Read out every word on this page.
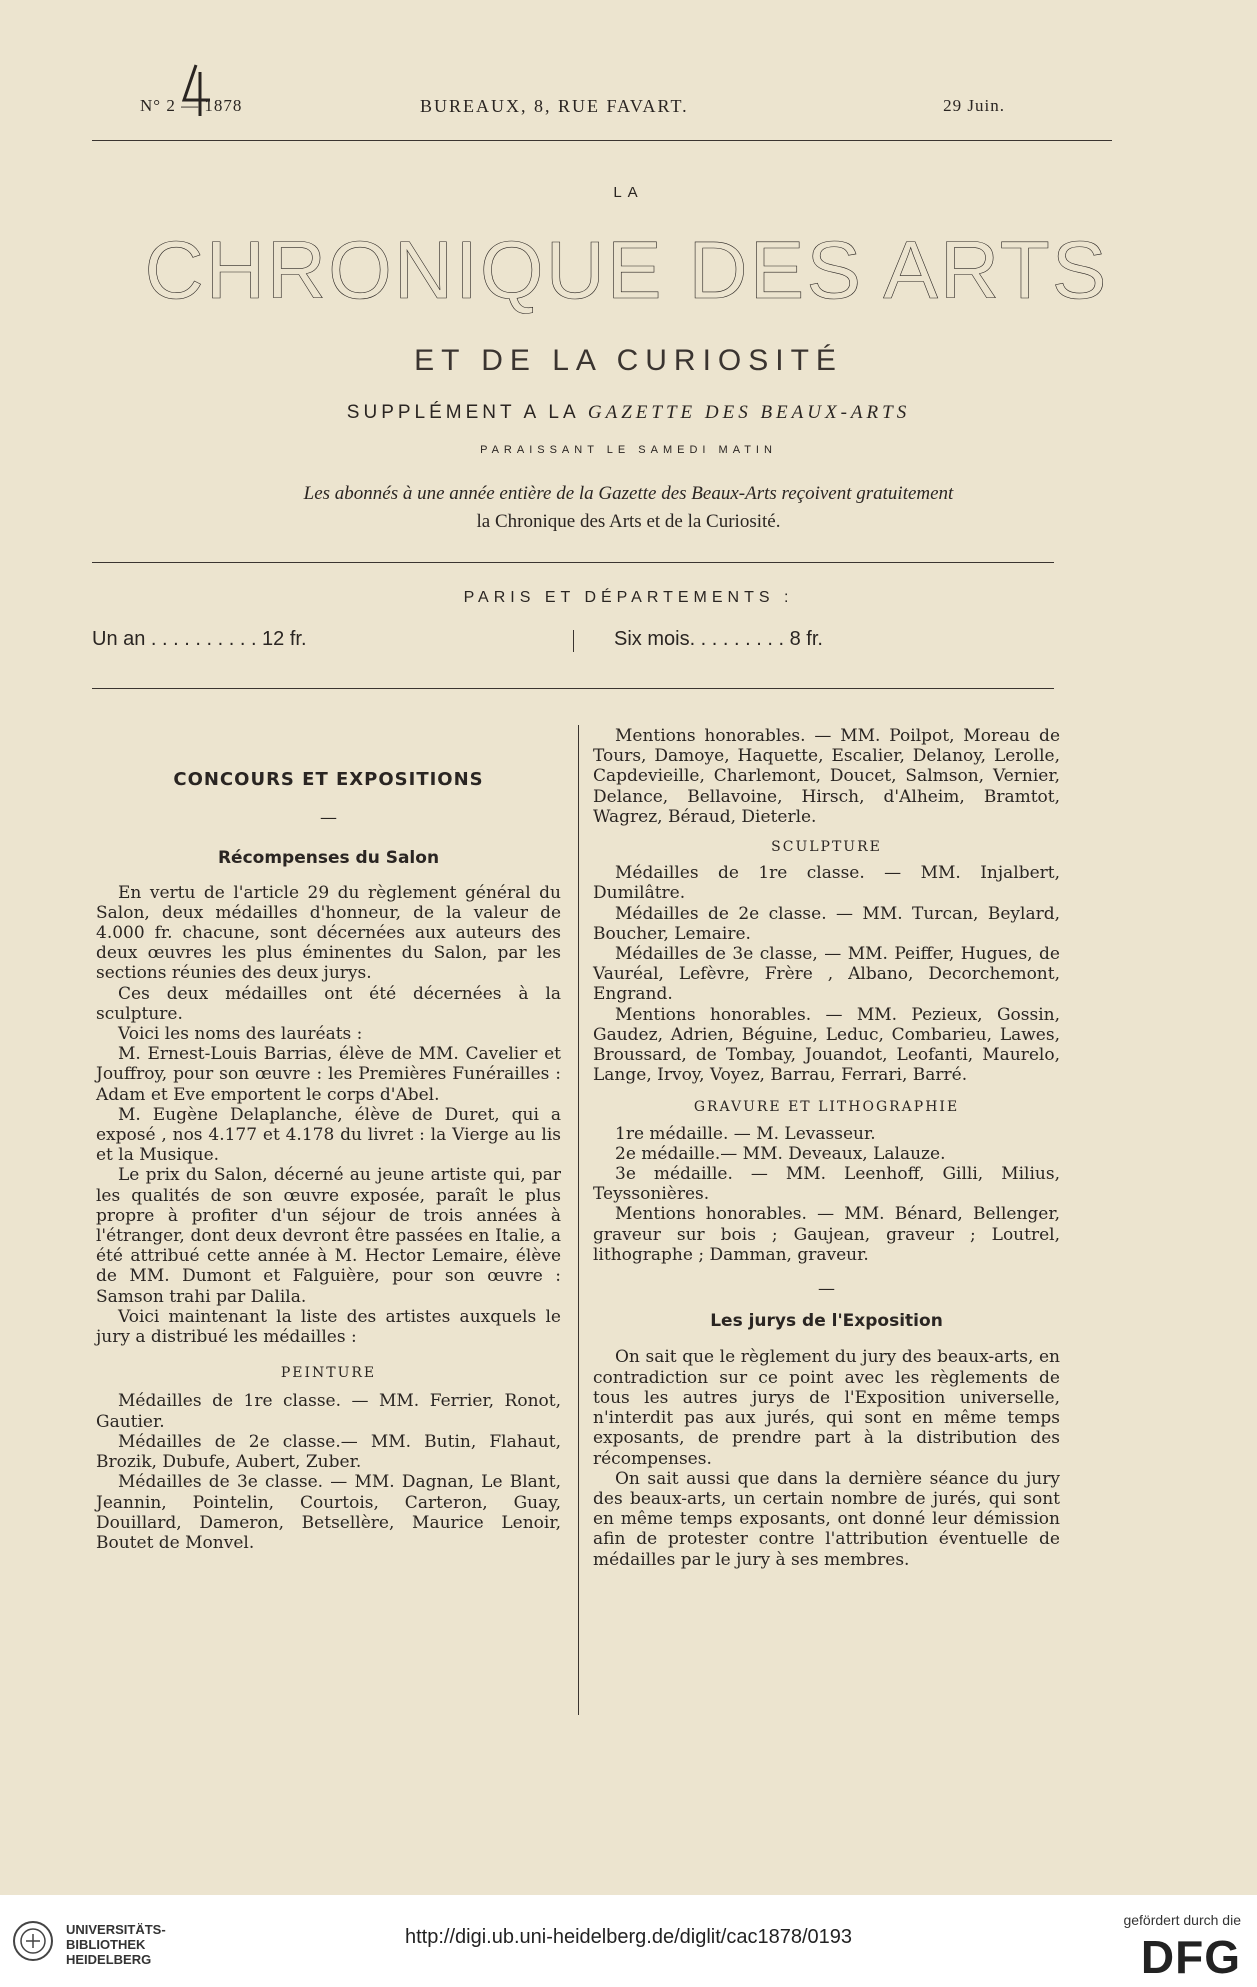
N° 2 — 1878	BUREAUX, 8, RUE FAVART.	29 Juin.
LA
CHRONIQUE DES ARTS
ET DE LA CURIOSITÉ
SUPPLÉMENT A LA GAZETTE DES BEAUX-ARTS
PARAISSANT LE SAMEDI MATIN
Les abonnés à une année entière de la Gazette des Beaux-Arts reçoivent gratuitement
la Chronique des Arts et de la Curiosité.
PARIS ET DÉPARTEMENTS :
Un an . . . . . . . . . . 12 fr.	Six mois. . . . . . . . . 8 fr.
CONCOURS ET EXPOSITIONS
—
Récompenses du Salon

En vertu de l'article 29 du règlement général du Salon, deux médailles d'honneur, de la valeur de 4.000 fr. chacune, sont décernées aux auteurs des deux œuvres les plus éminentes du Salon, par les sections réunies des deux jurys.

Ces deux médailles ont été décernées à la sculpture.

Voici les noms des lauréats :

M. Ernest-Louis Barrias, élève de MM. Cavelier et Jouffroy, pour son œuvre : les Premières Funérailles : Adam et Eve emportent le corps d'Abel.

M. Eugène Delaplanche, élève de Duret, qui a exposé , nos 4.177 et 4.178 du livret : la Vierge au lis et la Musique.

Le prix du Salon, décerné au jeune artiste qui, par les qualités de son œuvre exposée, paraît le plus propre à profiter d'un séjour de trois années à l'étranger, dont deux devront être passées en Italie, a été attribué cette année à M. Hector Lemaire, élève de MM. Dumont et Falguière, pour son œuvre : Samson trahi par Dalila.

Voici maintenant la liste des artistes auxquels le jury a distribué les médailles :

PEINTURE

Médailles de 1re classe. — MM. Ferrier, Ronot, Gautier.

Médailles de 2e classe.— MM. Butin, Flahaut, Brozik, Dubufe, Aubert, Zuber.

Médailles de 3e classe. — MM. Dagnan, Le Blant, Jeannin, Pointelin, Courtois, Carteron, Guay, Douillard, Dameron, Betsellère, Maurice Lenoir, Boutet de Monvel.

Mentions honorables. — MM. Poilpot, Moreau de Tours, Damoye, Haquette, Escalier, Delanoy, Lerolle, Capdevieille, Charlemont, Doucet, Salmson, Vernier, Delance, Bellavoine, Hirsch, d'Alheim, Bramtot, Wagrez, Béraud, Dieterle.

SCULPTURE

Médailles de 1re classe. — MM. Injalbert, Dumilâtre.

Médailles de 2e classe. — MM. Turcan, Beylard, Boucher, Lemaire.

Médailles de 3e classe, — MM. Peiffer, Hugues, de Vauréal, Lefèvre, Frère , Albano, Decorchemont, Engrand.

Mentions honorables. — MM. Pezieux, Gossin, Gaudez, Adrien, Béguine, Leduc, Combarieu, Lawes, Broussard, de Tombay, Jouandot, Leofanti, Maurelo, Lange, Irvoy, Voyez, Barrau, Ferrari, Barré.

GRAVURE ET LITHOGRAPHIE

1re médaille. — M. Levasseur.

2e médaille.— MM. Deveaux, Lalauze.

3e médaille. — MM. Leenhoff, Gilli, Milius, Teyssonières.

Mentions honorables. — MM. Bénard, Bellenger, graveur sur bois ; Gaujean, graveur ; Loutrel, lithographe ; Damman, graveur.

—
Les jurys de l'Exposition

On sait que le règlement du jury des beaux-arts, en contradiction sur ce point avec les règlements de tous les autres jurys de l'Exposition universelle, n'interdit pas aux jurés, qui sont en même temps exposants, de prendre part à la distribution des récompenses.

On sait aussi que dans la dernière séance du jury des beaux-arts, un certain nombre de jurés, qui sont en même temps exposants, ont donné leur démission afin de protester contre l'attribution éventuelle de médailles par le jury à ses membres.

UNIVERSITÄTS-
BIBLIOTHEK
HEIDELBERG
http://digi.ub.uni-heidelberg.de/diglit/cac1878/0193
gefördert durch die
DFG
